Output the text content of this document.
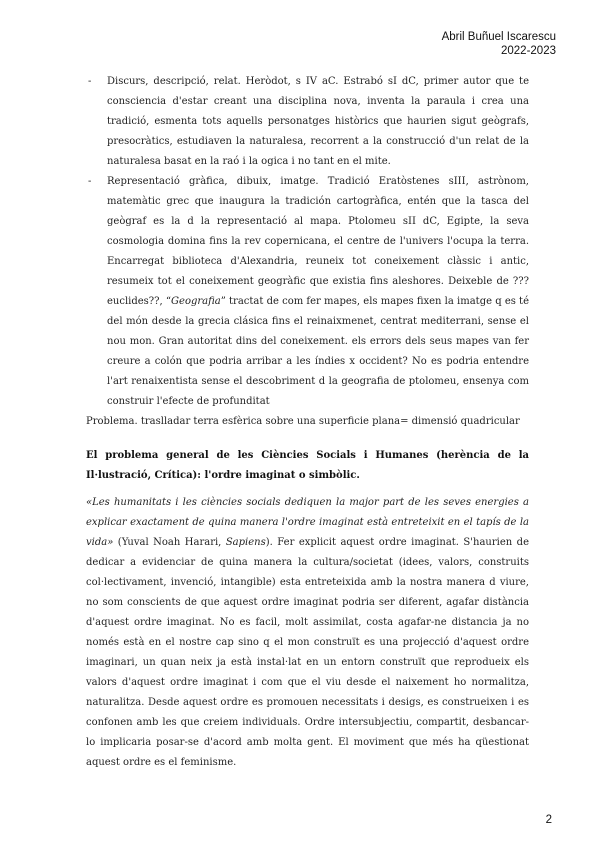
Abril Buñuel Iscarescu
2022-2023
- Discurs, descripció, relat. Heròdot, s IV aC. Estrabó sI dC, primer autor que te consciencia d'estar creant una disciplina nova, inventa la paraula i crea una tradició, esmenta tots aquells personatges històrics que haurien sigut geògrafs, presocràtics, estudiaven la naturalesa, recorrent a la construcció d'un relat de la naturalesa basat en la raó i la ogica i no tant en el mite.
- Representació gràfica, dibuix, imatge. Tradició Eratòstenes sIII, astrònom, matemàtic grec que inaugura la tradición cartogràfica, entén que la tasca del geògraf es la d la representació al mapa. Ptolomeu sII dC, Egipte, la seva cosmologia domina fins la rev copernicana, el centre de l'univers l'ocupa la terra. Encarregat biblioteca d'Alexandria, reuneix tot coneixement clàssic i antic, resumeix tot el coneixement geogràfic que existia fins aleshores. Deixeble de ??? euclides??, “Geografia” tractat de com fer mapes, els mapes fixen la imatge q es té del món desde la grecia clásica fins el reinaixmenet, centrat mediterrani, sense el nou mon. Gran autoritat dins del coneixement. els errors dels seus mapes van fer creure a colón que podria arribar a les índies x occident? No es podria entendre l'art renaixentista sense el descobriment d la geografia de ptolomeu, ensenya com construir l'efecte de profunditat

Problema. traslladar terra esfèrica sobre una superficie plana= dimensió quadricular

El problema general de les Ciències Socials i Humanes (herència de la Il·lustració, Crítica): l'ordre imaginat o simbòlic.

«Les humanitats i les ciències socials dediquen la major part de les seves energies a explicar exactament de quina manera l'ordre imaginat està entreteixit en el tapís de la vida» (Yuval Noah Harari, Sapiens). Fer explicit aquest ordre imaginat. S'haurien de dedicar a evidenciar de quina manera la cultura/societat (idees, valors, construits col·lectivament, invenció, intangible) esta entreteixida amb la nostra manera d viure, no som conscients de que aquest ordre imaginat podria ser diferent, agafar distància d'aquest ordre imaginat. No es facil, molt assimilat, costa agafar-ne distancia ja no només està en el nostre cap sino q el mon construït es una projecció d'aquest ordre imaginari, un quan neix ja està instal·lat en un entorn construït que reprodueix els valors d'aquest ordre imaginat i com que el viu desde el naixement ho normalitza, naturalitza. Desde aquest ordre es promouen necessitats i desigs, es construeixen i es confonen amb les que creiem individuals. Ordre intersubjectiu, compartit, desbancar-lo implicaria posar-se d'acord amb molta gent. El moviment que més ha qüestionat aquest ordre es el feminisme.

2
